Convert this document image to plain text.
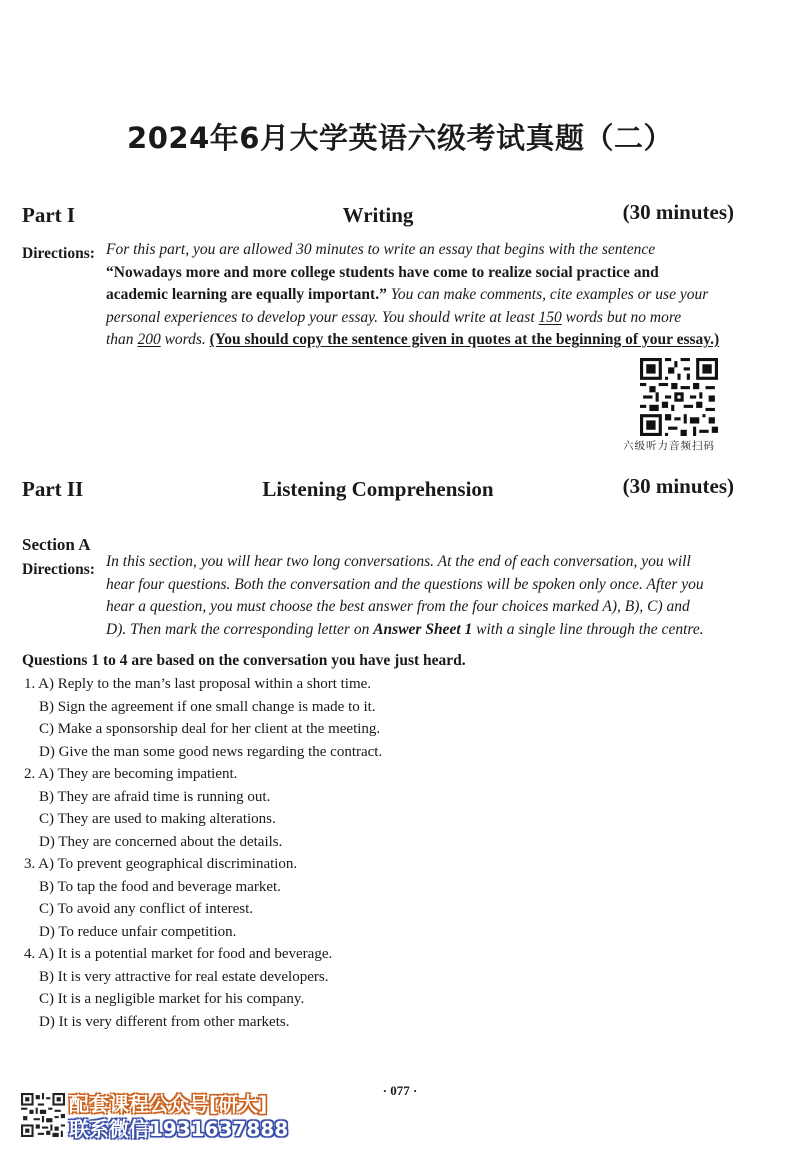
2024年6月大学英语六级考试真题（二）
Part I	Writing	(30 minutes)
Directions: For this part, you are allowed 30 minutes to write an essay that begins with the sentence
“Nowadays more and more college students have come to realize social practice and
academic learning are equally important.” You can make comments, cite examples or use your
personal experiences to develop your essay. You should write at least 150 words but no more
than 200 words. (You should copy the sentence given in quotes at the beginning of your essay.)
六级听力音频扫码
Part II	Listening Comprehension	(30 minutes)
Section A
Directions: In this section, you will hear two long conversations. At the end of each conversation, you will
hear four questions. Both the conversation and the questions will be spoken only once. After you
hear a question, you must choose the best answer from the four choices marked A), B), C) and
D). Then mark the corresponding letter on Answer Sheet 1 with a single line through the centre.
Questions 1 to 4 are based on the conversation you have just heard.
1. A) Reply to the man’s last proposal within a short time.
B) Sign the agreement if one small change is made to it.
C) Make a sponsorship deal for her client at the meeting.
D) Give the man some good news regarding the contract.
2. A) They are becoming impatient.
B) They are afraid time is running out.
C) They are used to making alterations.
D) They are concerned about the details.
3. A) To prevent geographical discrimination.
B) To tap the food and beverage market.
C) To avoid any conflict of interest.
D) To reduce unfair competition.
4. A) It is a potential market for food and beverage.
B) It is very attractive for real estate developers.
C) It is a negligible market for his company.
D) It is very different from other markets.
· 077 ·
配套课程公众号[研大]
联系微信1931637888
